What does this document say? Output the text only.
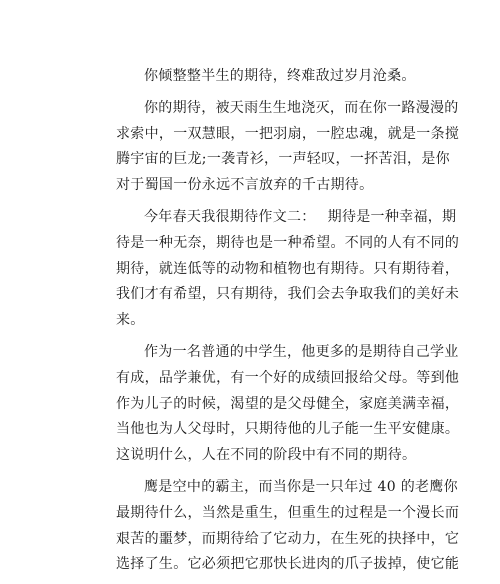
你倾整整半生的期待，终难敌过岁月沧桑。
你的期待，被天雨生生地浇灭，而在你一路漫漫的
求索中，一双慧眼，一把羽扇，一腔忠魂，就是一条搅
腾宇宙的巨龙;一袭青衫，一声轻叹，一抔苦泪，是你
对于蜀国一份永远不言放弃的千古期待。
今年春天我很期待作文二：　 期待是一种幸福，期
待是一种无奈，期待也是一种希望。不同的人有不同的
期待，就连低等的动物和植物也有期待。只有期待着，
我们才有希望，只有期待，我们会去争取我们的美好未
来。
作为一名普通的中学生，他更多的是期待自己学业
有成，品学兼优，有一个好的成绩回报给父母。等到他
作为儿子的时候，渴望的是父母健全，家庭美满幸福，
当他也为人父母时，只期待他的儿子能一生平安健康。
这说明什么，人在不同的阶段中有不同的期待。
鹰是空中的霸主，而当你是一只年过 40 的老鹰你
最期待什么，当然是重生，但重生的过程是一个漫长而
艰苦的噩梦，而期待给了它动力，在生死的抉择中，它
选择了生。它必须把它那快长进肉的爪子拔掉，使它能
